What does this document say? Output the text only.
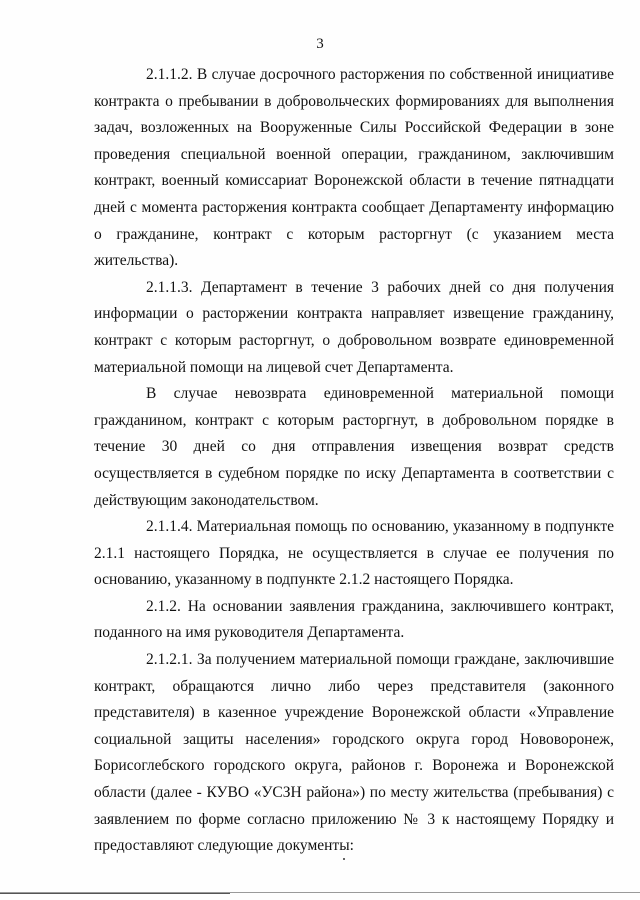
3

2.1.1.2. В случае досрочного расторжения по собственной инициативе контракта о пребывании в добровольческих формированиях для выполнения задач, возложенных на Вооруженные Силы Российской Федерации в зоне проведения специальной военной операции, гражданином, заключившим контракт, военный комиссариат Воронежской области в течение пятнадцати дней с момента расторжения контракта сообщает Департаменту информацию о гражданине, контракт с которым расторгнут (с указанием места жительства).

2.1.1.3. Департамент в течение 3 рабочих дней со дня получения информации о расторжении контракта направляет извещение гражданину, контракт с которым расторгнут, о добровольном возврате единовременной материальной помощи на лицевой счет Департамента.

В случае невозврата единовременной материальной помощи гражданином, контракт с которым расторгнут, в добровольном порядке в течение 30 дней со дня отправления извещения возврат средств осуществляется в судебном порядке по иску Департамента в соответствии с действующим законодательством.

2.1.1.4. Материальная помощь по основанию, указанному в подпункте 2.1.1 настоящего Порядка, не осуществляется в случае ее получения по основанию, указанному в подпункте 2.1.2 настоящего Порядка.

2.1.2. На основании заявления гражданина, заключившего контракт, поданного на имя руководителя Департамента.

2.1.2.1. За получением материальной помощи граждане, заключившие контракт, обращаются лично либо через представителя (законного представителя) в казенное учреждение Воронежской области «Управление социальной защиты населения» городского округа город Нововоронеж, Борисоглебского городского округа, районов г. Воронежа и Воронежской области (далее - КУВО «УСЗН района») по месту жительства (пребывания) с заявлением по форме согласно приложению № 3 к настоящему Порядку и предоставляют следующие документы:
